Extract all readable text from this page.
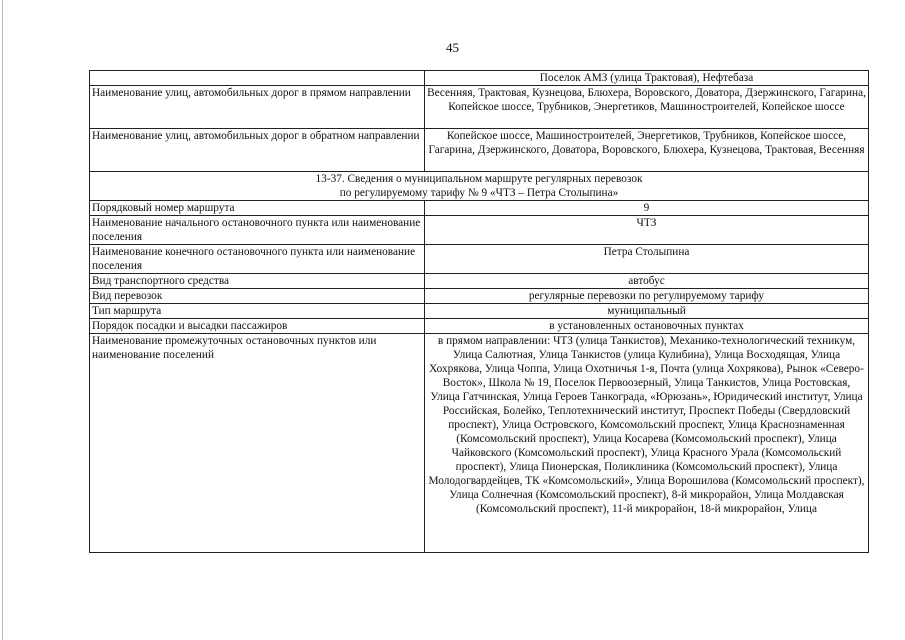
45
	Поселок АМЗ (улица Трактовая), Нефтебаза
Наименование улиц, автомобильных дорог в прямом направлении	Весенняя, Трактовая, Кузнецова, Блюхера, Воровского, Доватора, Дзержинского, Гагарина, Копейское шоссе, Трубников, Энергетиков, Машиностроителей, Копейское шоссе
Наименование улиц, автомобильных дорог в обратном направлении	Копейское шоссе, Машиностроителей, Энергетиков, Трубников, Копейское шоссе, Гагарина, Дзержинского, Доватора, Воровского, Блюхера, Кузнецова, Трактовая, Весенняя

13-37. Сведения о муниципальном маршруте регулярных перевозок
по регулируемому тарифу № 9 «ЧТЗ – Петра Столыпина»	

Порядковый номер маршрута	9
Наименование начального остановочного пункта или наименование поселения	ЧТЗ
Наименование конечного остановочного пункта или наименование поселения	Петра Столыпина
Вид транспортного средства	автобус
Вид перевозок	регулярные перевозки по регулируемому тарифу
Тип маршрута	муниципальный
Порядок посадки и высадки пассажиров	в установленных остановочных пунктах
Наименование промежуточных остановочных пунктов или наименование поселений	в прямом направлении: ЧТЗ (улица Танкистов), Механико-технологический техникум, Улица Салютная, Улица Танкистов (улица Кулибина), Улица Восходящая, Улица Хохрякова, Улица Чоппа, Улица Охотничья 1-я, Почта (улица Хохрякова), Рынок «Северо-Восток», Школа № 19, Поселок Первоозерный, Улица Танкистов, Улица Ростовская, Улица Гатчинская, Улица Героев Танкограда, «Юрюзань», Юридический институт, Улица Российская, Болейко, Теплотехнический институт, Проспект Победы (Свердловский проспект), Улица Островского, Комсомольский проспект, Улица Краснознаменная (Комсомольский проспект), Улица Косарева (Комсомольский проспект), Улица Чайковского (Комсомольский проспект), Улица Красного Урала (Комсомольский проспект), Улица Пионерская, Поликлиника (Комсомольский проспект), Улица Молодогвардейцев, ТК «Комсомольский», Улица Ворошилова (Комсомольский проспект), Улица Солнечная (Комсомольский проспект), 8-й микрорайон, Улица Молдавская (Комсомольский проспект), 11-й микрорайон, 18-й микрорайон, Улица
